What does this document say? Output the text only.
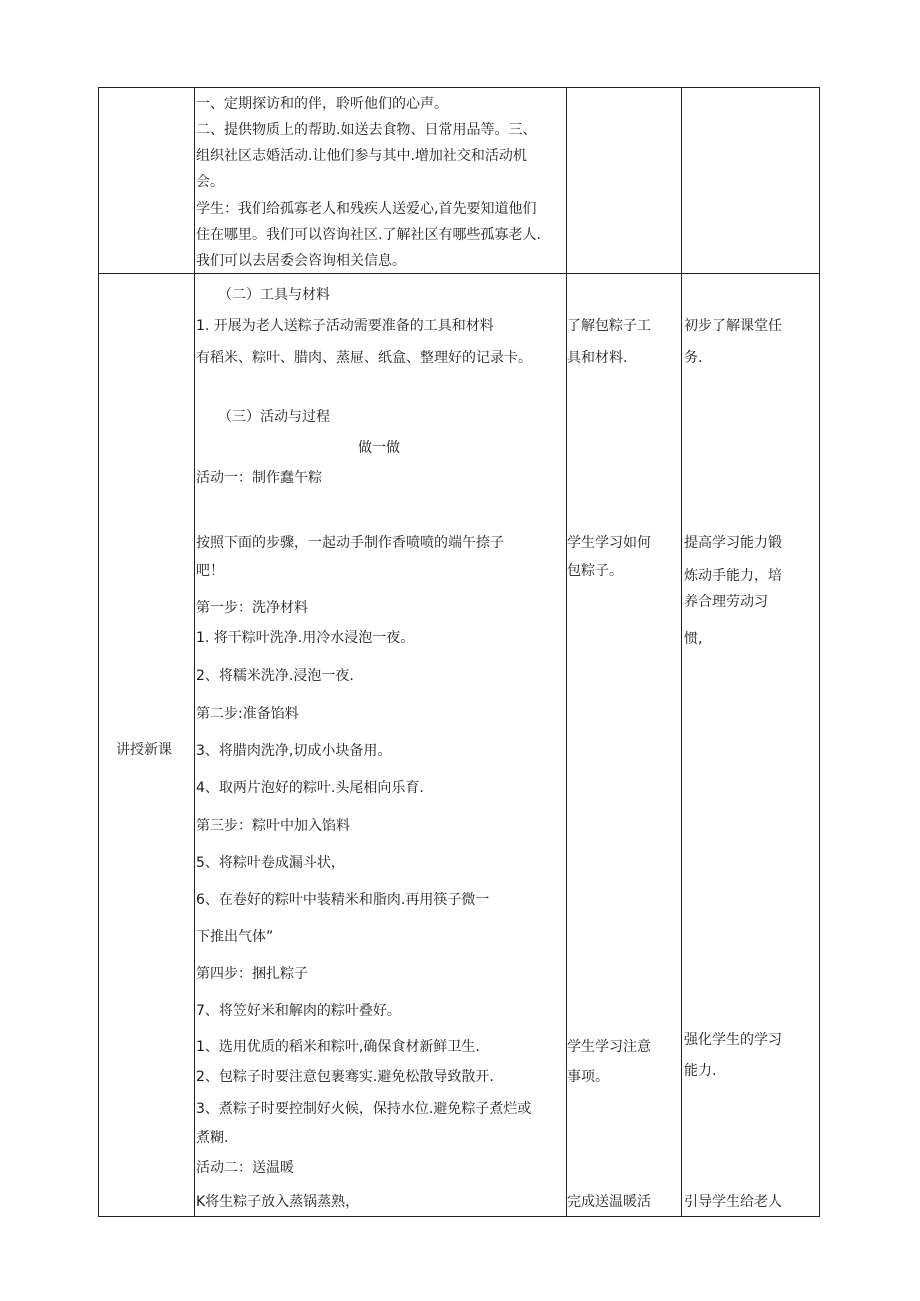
一、定期探访和的伴，聆听他们的心声。
二、提供物质上的帮助.如送去食物、日常用品等。三、
组织社区志婚活动.让他们参与其中.增加社交和活动机
会。
学生：我们给孤寡老人和残疾人送爱心,首先要知道他们
住在哪里。我们可以咨询社区.了解社区有哪些孤寡老人.
我们可以去居委会咨询相关信息。
讲授新课
（二）工具与材料
1. 开展为老人送粽子活动需要准备的工具和材料
有稻米、粽叶、腊肉、蒸屉、纸盒、整理好的记录卡。
（三）活动与过程
做一做
活动一：制作蠢午粽
按照下面的步骤，一起动手制作香喷喷的端午捺子
吧！
第一步：洗净材料
1. 将干粽叶洗净.用冷水浸泡一夜。
2、将糯米洗净.浸泡一夜.
第二步:准备馅料
3、将腊肉洗净,切成小块备用。
4、取两片泡好的粽叶.头尾相向乐育.
第三步：粽叶中加入馅料
5、将粽叶卷成漏斗状，
6、在卷好的粽叶中装精米和脂肉.再用筷子微一
下推出气体”
第四步：捆扎粽子
7、将笠好米和解肉的粽叶叠好。
1、选用优质的稻米和粽叶,确保食材新鲜卫生.
2、包粽子时要注意包裹骞实.避免松散导致散开.
3、煮粽子时要控制好火候，保持水位.避免粽子煮烂或
煮糊.
活动二：送温暖
K将生粽子放入蒸锅蒸熟，
了解包粽子工
具和材料.
学生学习如何
包粽子。
学生学习注意
事项。
完成送温暖活
初步了解课堂任
务.
提高学习能力锻
炼动手能力，培
养合理劳动习
惯,
强化学生的学习
能力.
引导学生给老人
